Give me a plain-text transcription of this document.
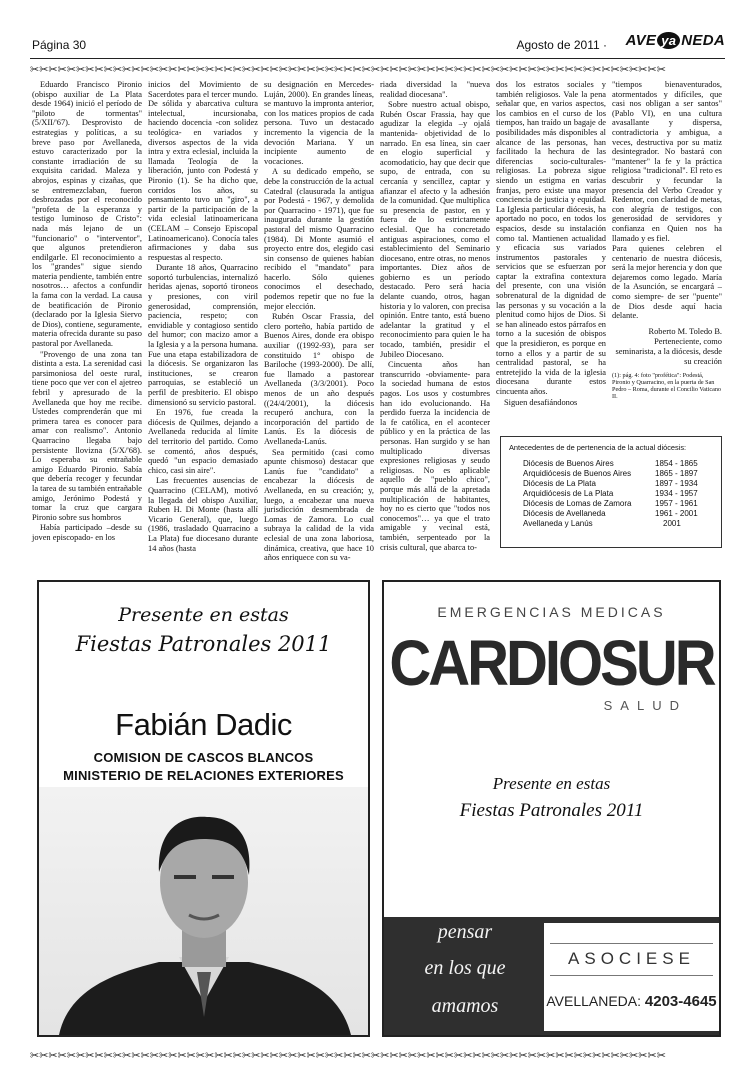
Página 30	Agosto de 2011 · AVE ya NEDA
✂✂✂✂✂✂✂✂✂✂✂✂✂✂✂✂✂✂✂✂✂✂✂✂✂✂✂✂✂✂✂✂✂✂✂✂✂✂✂✂✂✂✂✂✂✂✂✂✂✂✂✂✂✂✂✂✂✂✂✂✂✂✂✂✂✂✂✂✂

Eduardo Francisco Pironio (obispo auxiliar de La Plata desde 1964) inició el período de "piloto de tormentas" (5/XII/'67). Desprovisto de estrategias y políticas, a su breve paso por Avellaneda, estuvo caracterizado por la constante irradiación de su exquisita caridad. Maleza y abrojos, espinas y cizañas, que se entremezclaban, fueron desbrozadas por el reconocido "profeta de la esperanza y testigo luminoso de Cristo": nada más lejano de un "funcionario" o "interventor", que algunos pretendieron endilgarle. El reconocimiento a los "grandes" sigue siendo materia pendiente, también entre nosotros… afectos a confundir la fama con la verdad. La causa de beatificación de Pironio (declarado por la Iglesia Siervo de Dios), contiene, seguramente, materia ofrecida durante su paso pastoral por Avellaneda.

"Provengo de una zona tan distinta a esta. La serenidad casi parsimoniosa del oeste rural, tiene poco que ver con el ajetreo febril y apresurado de la Avellaneda que hoy me recibe. Ustedes comprenderán que mi primera tarea es conocer para amar con realismo". Antonio Quarracino llegaba bajo persistente llovizna (5/X/'68). Lo esperaba su entrañable amigo Eduardo Pironio. Sabía que debería recoger y fecundar la tarea de su también entrañable amigo, Jerónimo Podestá y tomar la cruz que cargara Pironio sobre sus hombros

Había participado –desde su joven episcopado- en los

inicios del Movimiento de Sacerdotes para el tercer mundo. De sólida y abarcativa cultura intelectual, incursionaba, haciendo docencia -con solidez teológica- en variados y diversos aspectos de la vida intra y extra eclesial, incluida la llamada Teología de la liberación, junto con Podestá y Pironio (1). Se ha dicho que, corridos los años, su pensamiento tuvo un "giro", a partir de la participación de la vida eclesial latinoamericana (CELAM – Consejo Episcopal Latinoamericano). Conocía tales afirmaciones y daba sus respuestas al respecto.

Durante 18 años, Quarracino soportó turbulencias, internalizó heridas ajenas, soportó tironeos y presiones, con viril generosidad, comprensión, paciencia, respeto; con envidiable y contagioso sentido del humor; con macizo amor a la Iglesia y a la persona humana. Fue una etapa estabilizadora de la diócesis. Se organizaron las instituciones, se crearon parroquias, se estableció un perfil de presbiterio. El obispo dimensionó su servicio pastoral.

En 1976, fue creada la diócesis de Quilmes, dejando a Avellaneda reducida al límite del territorio del partido. Como se comentó, años después, quedó "un espacio demasiado chico, casi sin aire".

Las frecuentes ausencias de Quarracino (CELAM), motivó la llegada del obispo Auxiliar, Ruben H. Di Monte (hasta allí Vicario General), que, luego (1986, trasladado Quarracino a La Plata) fue diocesano durante 14 años (hasta

su designación en Mercedes-Luján, 2000). En grandes líneas, se mantuvo la impronta anterior, con los matices propios de cada persona. Tuvo un destacado incremento la vigencia de la devoción Mariana. Y un incipiente aumento de vocaciones.

A su dedicado empeño, se debe la construcción de la actual Catedral (clausurada la antigua por Podestá - 1967, y demolida por Quarracino - 1971), que fue inaugurada durante la gestión pastoral del mismo Quarracino (1984). Di Monte asumió el proyecto entre dos, elegido casi sin consenso de quienes habían recibido el "mandato" para hacerlo. Sólo quienes conocimos el desechado, podemos repetir que no fue la mejor elección.

Rubén Oscar Frassia, del clero porteño, había partido de Buenos Aires, donde era obispo auxiliar ((1992-93), para ser constituido 1° obispo de Bariloche (1993-2000). De allí, fue llamado a pastorear Avellaneda (3/3/2001). Poco menos de un año después ((24/4/2001), la diócesis recuperó anchura, con la incorporación del partido de Lanús. Es la diócesis de Avellaneda-Lanús.

Sea permitido (casi como apunte chismoso) destacar que Lanús fue "candidato" a encabezar la diócesis de Avellaneda, en su creación; y, luego, a encabezar una nueva jurisdicción desmembrada de Lomas de Zamora. Lo cual subraya la calidad de la vida eclesial de una zona laboriosa, dinámica, creativa, que hace 10 años enriquece con su va-

riada diversidad la "nueva realidad diocesana".

Sobre nuestro actual obispo, Rubén Oscar Frassia, hay que agudizar la elegida –y ojalá mantenida- objetividad de lo narrado. En esa línea, sin caer en elogio superficial y acomodaticio, hay que decir que supo, de entrada, con su cercanía y sencillez, captar y afianzar el afecto y la adhesión de la comunidad. Que multiplica su presencia de pastor, en y fuera de lo estrictamente eclesial. Que ha concretado antiguas aspiraciones, como el establecimiento del Seminario diocesano, entre otras, no menos importantes. Diez años de gobierno es un período destacado. Pero será hacia delante cuando, otros, hagan historia y lo valoren, con precisa opinión. Entre tanto, está bueno adelantar la gratitud y el reconocimiento para quien le ha tocado, también, presidir el Jubileo Diocesano.

Cincuenta años han transcurrido -obviamente- para la sociedad humana de estos pagos. Los usos y costumbres han ido evolucionando. Ha perdido fuerza la incidencia de la fe católica, en el acontecer público y en la práctica de las personas. Han surgido y se han multiplicado diversas expresiones religiosas y seudo religiosas. No es aplicable aquello de "pueblo chico", porque más allá de la apretada multiplicación de habitantes, hoy no es cierto que "todos nos conocemos"… ya que el trato amigable y vecinal está, también, serpenteado por la crisis cultural, que abarca to-

dos los estratos sociales y también religiosos. Vale la pena señalar que, en varios aspectos, los cambios en el curso de los tiempos, han traído un bagaje de posibilidades más disponibles al alcance de las personas, han facilitado la hechura de las diferencias socio-culturales-religiosas. La pobreza sigue siendo un estigma en varias franjas, pero existe una mayor conciencia de justicia y equidad. La Iglesia particular diócesis, ha aportado no poco, en todos los espacios, desde su instalación como tal. Mantienen actualidad y eficacia sus variados instrumentos pastorales y servicios que se esfuerzan por captar la extrafina contextura del presente, con una visión sobrenatural de la dignidad de las personas y su vocación a la plenitud como hijos de Dios. Si se han alineado estos párrafos en torno a la sucesión de obispos que la presidieron, es porque en torno a ellos y a partir de su centralidad pastoral, se ha entretejido la vida de la iglesia diocesana durante estos cincuenta años.

Siguen desafiándonos

"tiempos bienaventurados, atormentados y difíciles, que casi nos obligan a ser santos" (Pablo VI), en una cultura avasallante y dispersa, contradictoria y ambigua, a veces, destructiva por su matiz desintegrador. No bastará con "mantener" la fe y la práctica religiosa "tradicional". El reto es descubrir y fecundar la presencia del Verbo Creador y Redentor, con claridad de metas, con alegría de testigos, con generosidad de servidores y confianza en Quien nos ha llamado y es fiel.

Para quienes celebren el centenario de nuestra diócesis, será la mejor herencia y don que dejaremos como legado. María de la Asunción, se encargará –como siempre- de ser "puente" de Dios desde aquí hacia delante.

Roberto M. Toledo B.

Perteneciente, como seminarista, a la diócesis, desde su creación

(1): pág. 4: foto "profética": Podestá, Pironio y Quarracino, en la puerta de San Pedro – Roma, durante el Concilio Vaticano II.

Antecedentes de de pertenencia de la actual diócesis:
Diócesis de Buenos Aires	1854 - 1865
Arquidiócesis de Buenos Aires	1865 - 1897
Diócesis de La Plata	1897 - 1934
Arquidiócesis de La Plata	1934 - 1957
Diócesis de Lomas de Zamora	1957 - 1961
Diócesis de Avellaneda	1961 - 2001
Avellaneda y Lanús	2001
Presente en estas
Fiestas Patronales 2011
Fabián Dadic
COMISION DE CASCOS BLANCOS
MINISTERIO DE RELACIONES EXTERIORES
EMERGENCIAS MEDICAS
CARDIOSUR
SALUD
Presente en estas
Fiestas Patronales 2011
pensar
en los que
amamos
ASOCIESE
AVELLANEDA: 4203-4645
✂✂✂✂✂✂✂✂✂✂✂✂✂✂✂✂✂✂✂✂✂✂✂✂✂✂✂✂✂✂✂✂✂✂✂✂✂✂✂✂✂✂✂✂✂✂✂✂✂✂✂✂✂✂✂✂✂✂✂✂✂✂✂✂✂✂✂✂✂
